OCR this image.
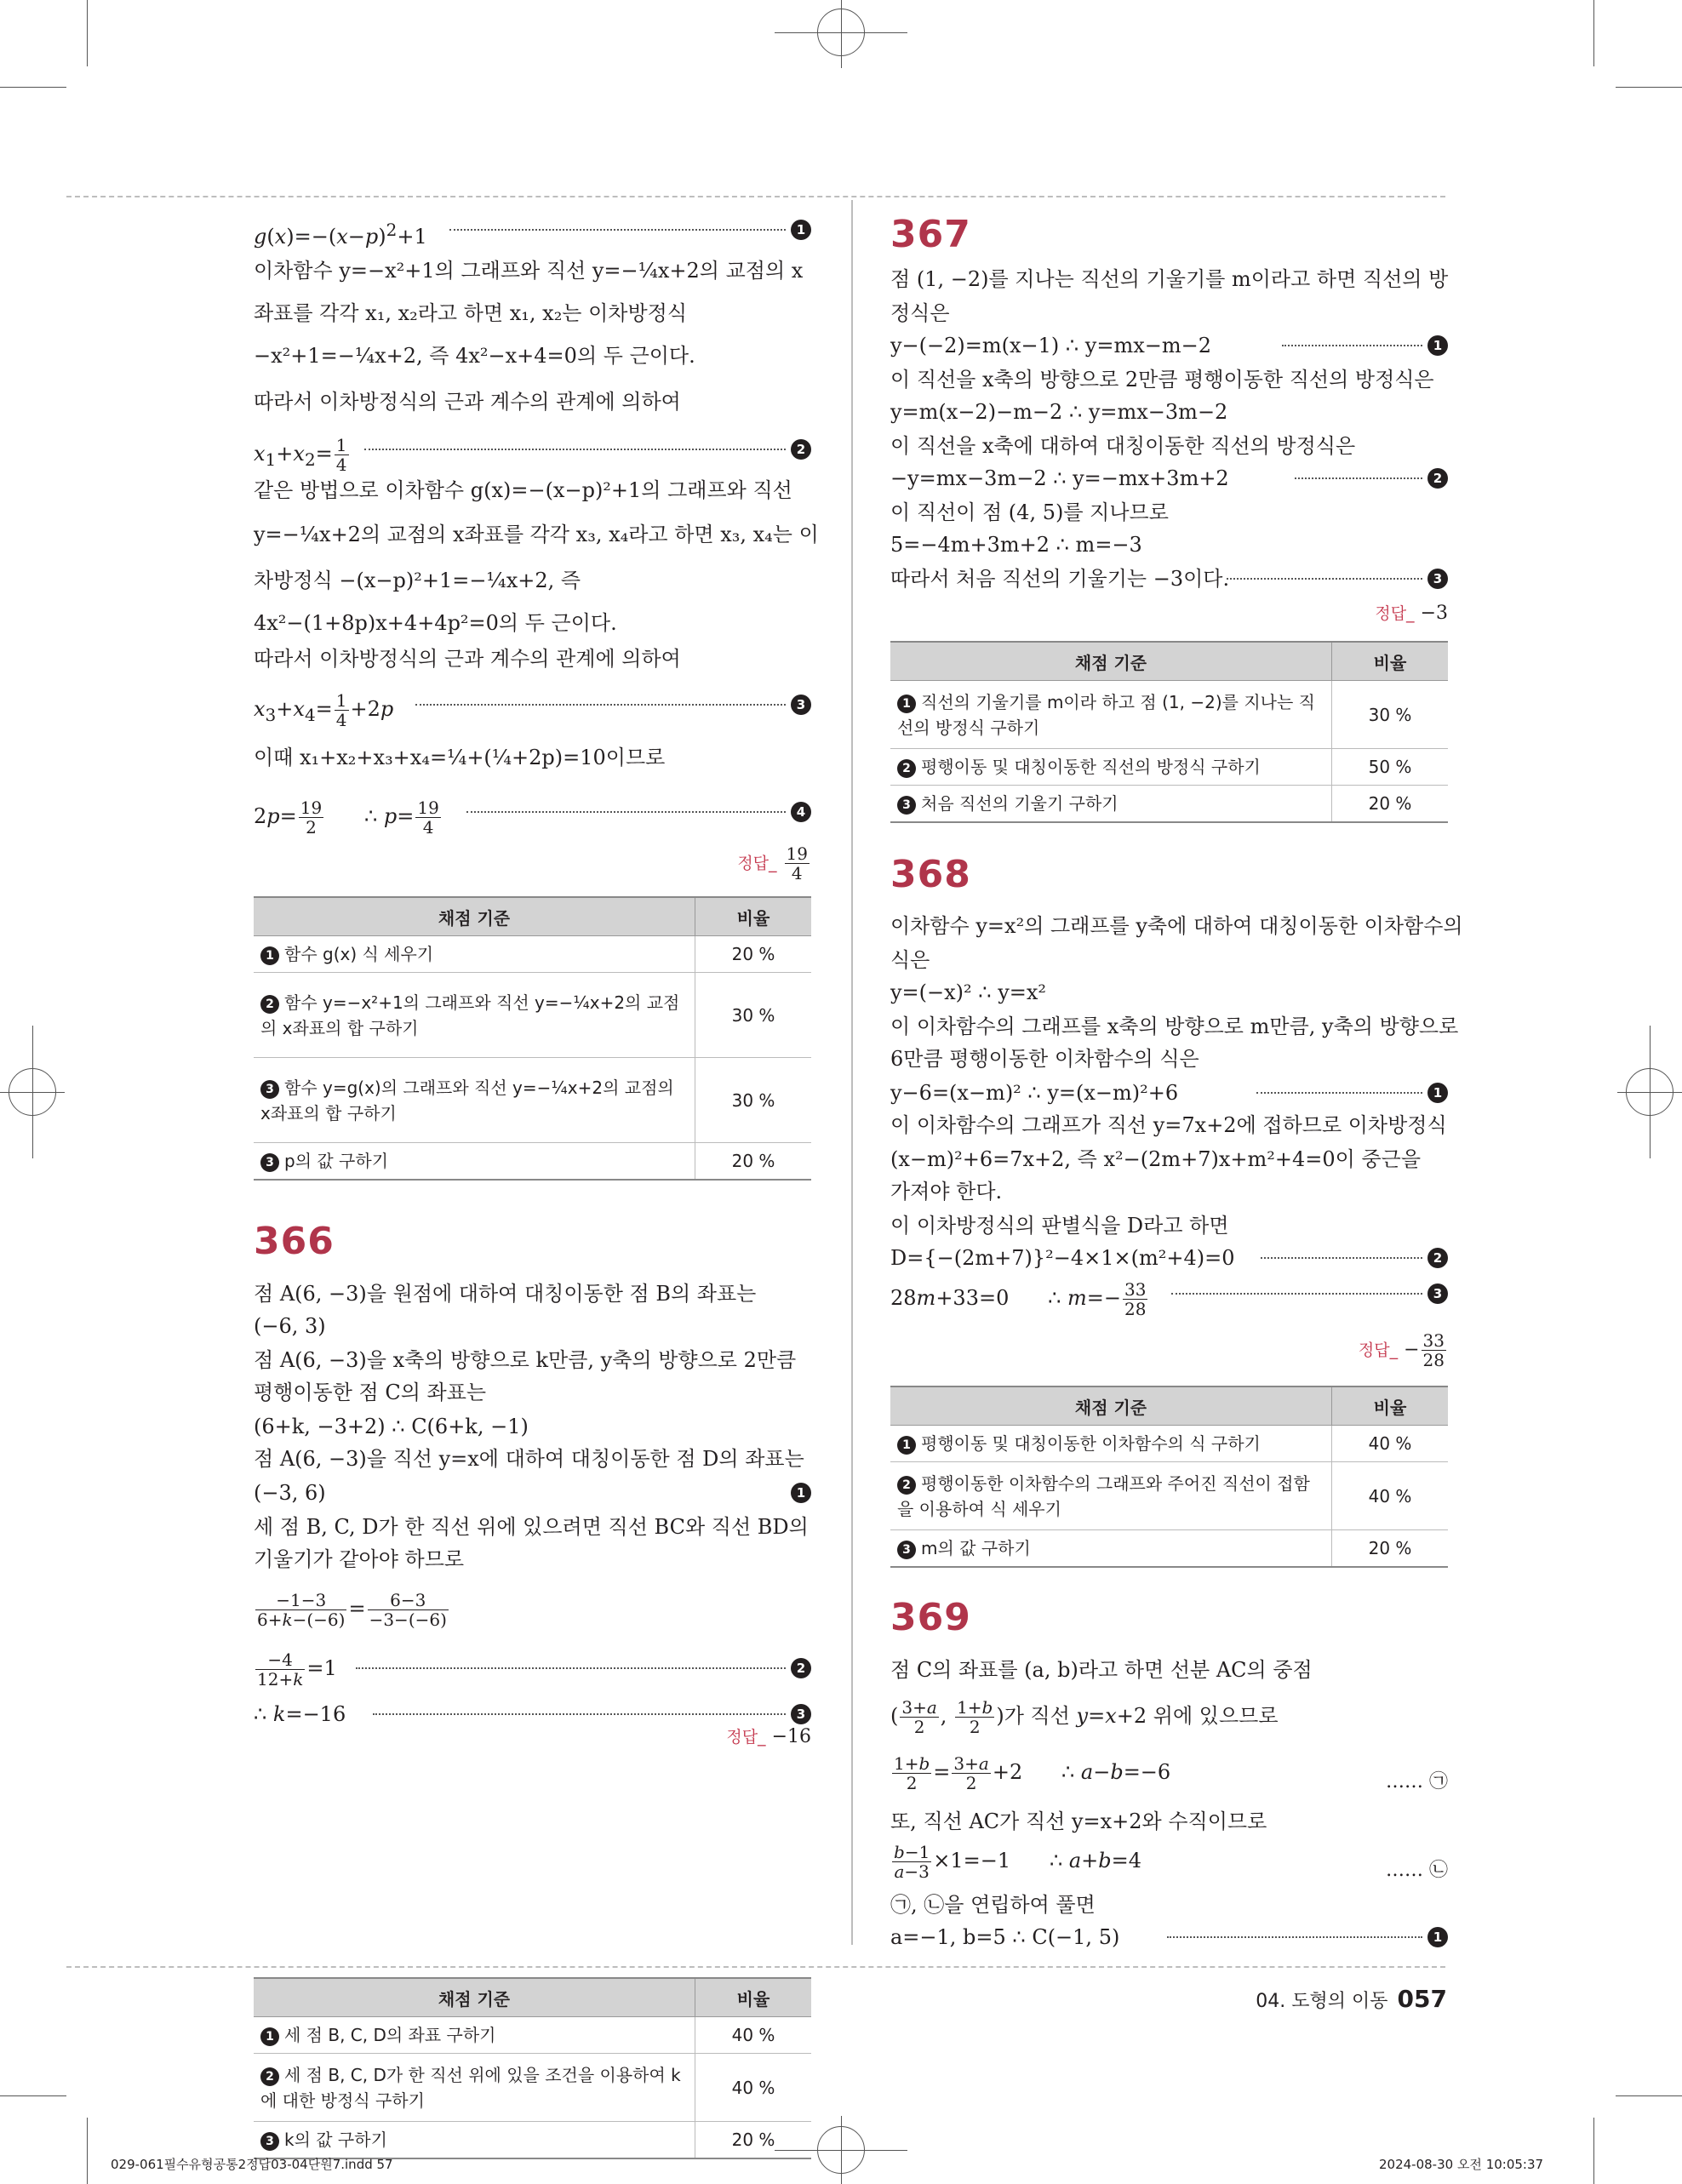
$g(x)=-(x-p)^2+1$	1
이차함수 y=−x²+1의 그래프와 직선 y=−¼x+2의 교점의 x
좌표를 각각 x₁, x₂라고 하면 x₁, x₂는 이차방정식
−x²+1=−¼x+2, 즉 4x²−x+4=0의 두 근이다.
따라서 이차방정식의 근과 계수의 관계에 의하여
$x_1+x_2= \frac{1}{4}$	2
같은 방법으로 이차함수 g(x)=−(x−p)²+1의 그래프와 직선
y=−¼x+2의 교점의 x좌표를 각각 x₃, x₄라고 하면 x₃, x₄는 이
차방정식 −(x−p)²+1=−¼x+2, 즉
4x²−(1+8p)x+4+4p²=0의 두 근이다.
따라서 이차방정식의 근과 계수의 관계에 의하여
$x_3+x_4= \frac{1}{4} +2p$	3
이때 x₁+x₂+x₃+x₄=¼+(¼+2p)=10이므로
$2p= \frac{19}{2}$ ∴ $p= \frac{19}{4}$	4
정답_ $\frac{19}{4}$
채점 기준	비율
1 함수 g(x) 식 세우기	20 %
2 함수 y=−x²+1의 그래프와 직선 y=−¼x+2의 교점의 x좌표의 합 구하기	30 %
3 함수 y=g(x)의 그래프와 직선 y=−¼x+2의 교점의 x좌표의 합 구하기	30 %
3 p의 값 구하기	20 %
366
점 A(6, −3)을 원점에 대하여 대칭이동한 점 B의 좌표는
(−6, 3)
점 A(6, −3)을 x축의 방향으로 k만큼, y축의 방향으로 2만큼
평행이동한 점 C의 좌표는
(6+k, −3+2) ∴ C(6+k, −1)
점 A(6, −3)을 직선 y=x에 대하여 대칭이동한 점 D의 좌표는
(−3, 6)	1
세 점 B, C, D가 한 직선 위에 있으려면 직선 BC와 직선 BD의
기울기가 같아야 하므로
$\frac{-1-3}{6+k-(-6)} = \frac{6-3}{-3-(-6)}$
$\frac{-4}{12+k} =1$	2
∴ k=−16	3
정답_ −16
채점 기준	비율
1 세 점 B, C, D의 좌표 구하기	40 %
2 세 점 B, C, D가 한 직선 위에 있을 조건을 이용하여 k에 대한 방정식 구하기	40 %
3 k의 값 구하기	20 %
367
점 (1, −2)를 지나는 직선의 기울기를 m이라고 하면 직선의 방
정식은
y−(−2)=m(x−1) ∴ y=mx−m−2	1
이 직선을 x축의 방향으로 2만큼 평행이동한 직선의 방정식은
y=m(x−2)−m−2 ∴ y=mx−3m−2
이 직선을 x축에 대하여 대칭이동한 직선의 방정식은
−y=mx−3m−2 ∴ y=−mx+3m+2	2
이 직선이 점 (4, 5)를 지나므로
5=−4m+3m+2 ∴ m=−3
따라서 처음 직선의 기울기는 −3이다.	3
정답_ −3
채점 기준	비율
1 직선의 기울기를 m이라 하고 점 (1, −2)를 지나는 직선의 방정식 구하기	30 %
2 평행이동 및 대칭이동한 직선의 방정식 구하기	50 %
3 처음 직선의 기울기 구하기	20 %
368
이차함수 y=x²의 그래프를 y축에 대하여 대칭이동한 이차함수의
식은
y=(−x)² ∴ y=x²
이 이차함수의 그래프를 x축의 방향으로 m만큼, y축의 방향으로
6만큼 평행이동한 이차함수의 식은
y−6=(x−m)² ∴ y=(x−m)²+6	1
이 이차함수의 그래프가 직선 y=7x+2에 접하므로 이차방정식
(x−m)²+6=7x+2, 즉 x²−(2m+7)x+m²+4=0이 중근을
가져야 한다.
이 이차방정식의 판별식을 D라고 하면
D={−(2m+7)}²−4×1×(m²+4)=0	2
28m+33=0      ∴ $m=- \frac{33}{28}$	3
정답_ − $\frac{33}{28}$
채점 기준	비율
1 평행이동 및 대칭이동한 이차함수의 식 구하기	40 %
2 평행이동한 이차함수의 그래프와 주어진 직선이 접함을 이용하여 식 세우기	40 %
3 m의 값 구하기	20 %
369
점 C의 좌표를 (a, b)라고 하면 선분 AC의 중점
( $\frac{3+a}{2}$ , $\frac{1+b}{2}$ )가 직선 y=x+2 위에 있으므로
$\frac{1+b}{2} = \frac{3+a}{2} +2$      ∴ a−b=−6	…… ㉠
또, 직선 AC가 직선 y=x+2와 수직이므로
$\frac{b-1}{a-3} \times 1=-1$      ∴ a+b=4	…… ㉡
㉠, ㉡을 연립하여 풀면
a=−1, b=5 ∴ C(−1, 5)	1
04. 도형의 이동 057
029-061필수유형공통2정답03-04단원7.indd 57	2024-08-30 오전 10:05:37
